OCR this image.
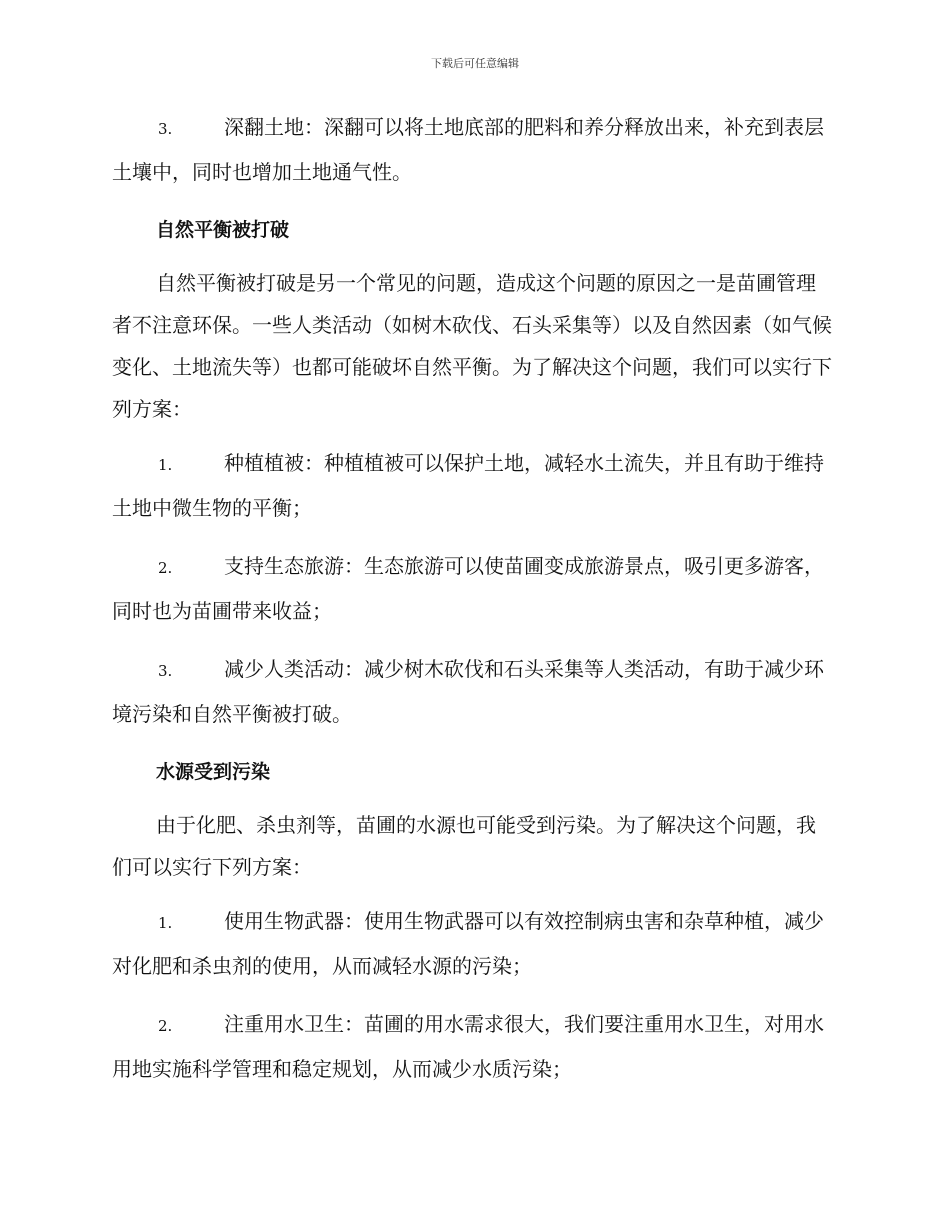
下载后可任意编辑

3.	深翻土地：深翻可以将土地底部的肥料和养分释放出来，补充到表层土壤中，同时也增加土地通气性。

自然平衡被打破

自然平衡被打破是另一个常见的问题，造成这个问题的原因之一是苗圃管理者不注意环保。一些人类活动（如树木砍伐、石头采集等）以及自然因素（如气候变化、土地流失等）也都可能破坏自然平衡。为了解决这个问题，我们可以实行下列方案：

1.	种植植被：种植植被可以保护土地，减轻水土流失，并且有助于维持土地中微生物的平衡；

2.	支持生态旅游：生态旅游可以使苗圃变成旅游景点，吸引更多游客，同时也为苗圃带来收益；

3.	减少人类活动：减少树木砍伐和石头采集等人类活动，有助于减少环境污染和自然平衡被打破。

水源受到污染

由于化肥、杀虫剂等，苗圃的水源也可能受到污染。为了解决这个问题，我们可以实行下列方案：

1.	使用生物武器：使用生物武器可以有效控制病虫害和杂草种植，减少对化肥和杀虫剂的使用，从而减轻水源的污染；

2.	注重用水卫生：苗圃的用水需求很大，我们要注重用水卫生，对用水用地实施科学管理和稳定规划，从而减少水质污染；
